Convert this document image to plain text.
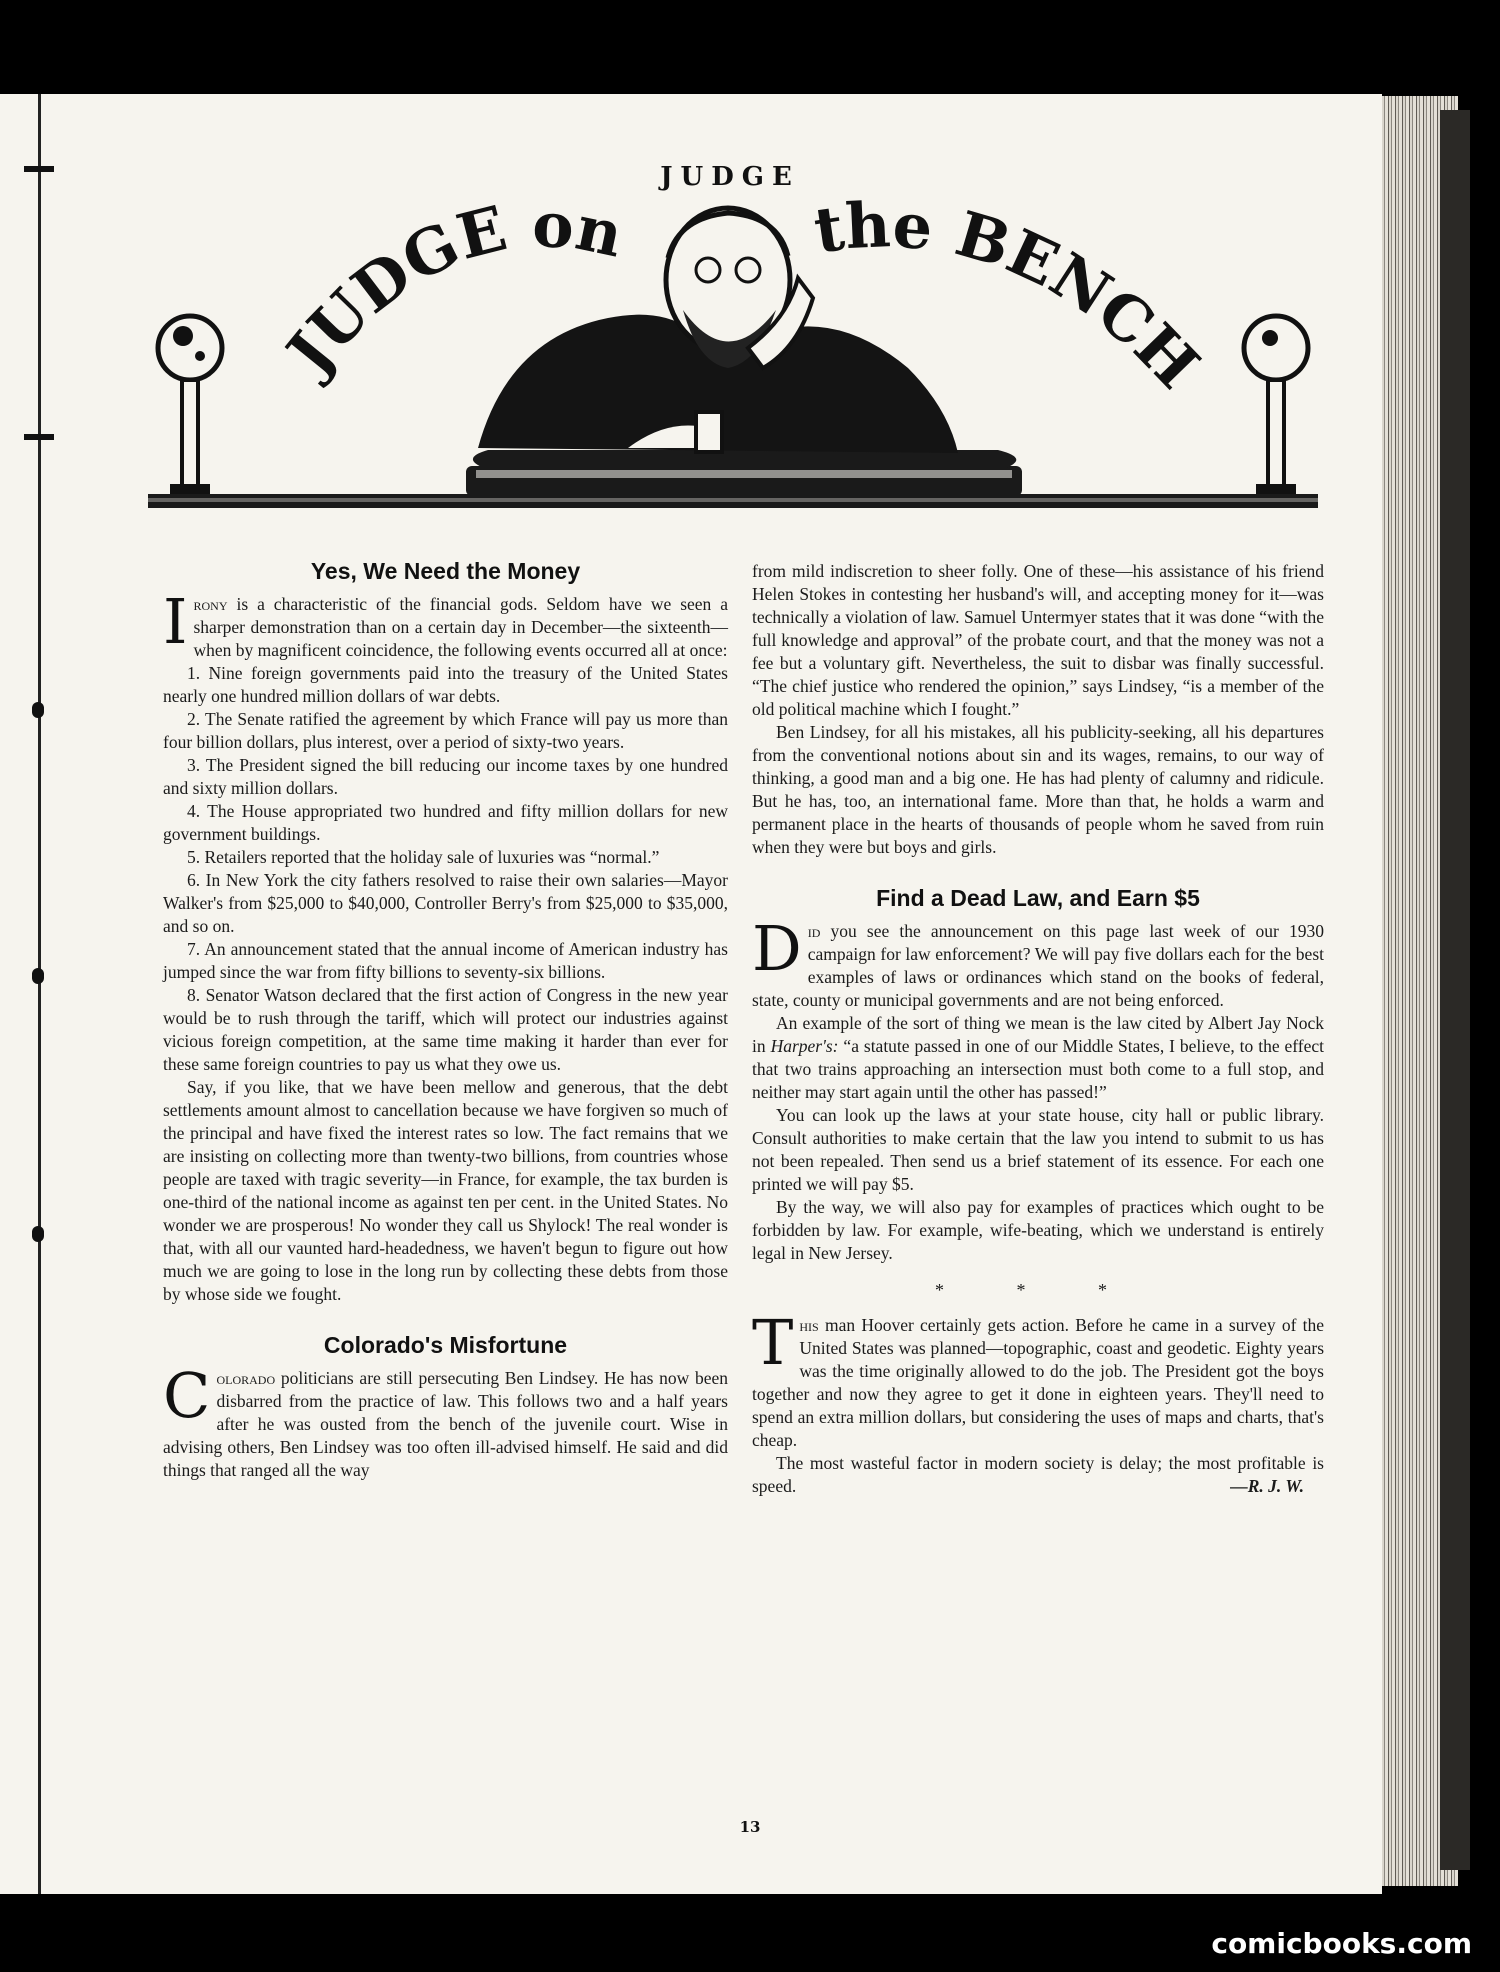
JUDGE
JUDGE on	the BENCH
Yes, We Need the Money

Irony is a characteristic of the financial gods. Seldom have we seen a sharper demonstration than on a certain day in December—the sixteenth—when by magnificent coincidence, the following events occurred all at once:

1. Nine foreign governments paid into the treasury of the United States nearly one hundred million dollars of war debts.

2. The Senate ratified the agreement by which France will pay us more than four billion dollars, plus interest, over a period of sixty-two years.

3. The President signed the bill reducing our income taxes by one hundred and sixty million dollars.

4. The House appropriated two hundred and fifty million dollars for new government buildings.

5. Retailers reported that the holiday sale of luxuries was “normal.”

6. In New York the city fathers resolved to raise their own salaries—Mayor Walker's from $25,000 to $40,000, Controller Berry's from $25,000 to $35,000, and so on.

7. An announcement stated that the annual income of American industry has jumped since the war from fifty billions to seventy-six billions.

8. Senator Watson declared that the first action of Congress in the new year would be to rush through the tariff, which will protect our industries against vicious foreign competition, at the same time making it harder than ever for these same foreign countries to pay us what they owe us.

Say, if you like, that we have been mellow and generous, that the debt settlements amount almost to cancellation because we have forgiven so much of the principal and have fixed the interest rates so low. The fact remains that we are insisting on collecting more than twenty-two billions, from countries whose people are taxed with tragic severity—in France, for example, the tax burden is one-third of the national income as against ten per cent. in the United States. No wonder we are prosperous! No wonder they call us Shylock! The real wonder is that, with all our vaunted hard-headedness, we haven't begun to figure out how much we are going to lose in the long run by collecting these debts from those by whose side we fought.

Colorado's Misfortune

Colorado politicians are still persecuting Ben Lindsey. He has now been disbarred from the practice of law. This follows two and a half years after he was ousted from the bench of the juvenile court. Wise in advising others, Ben Lindsey was too often ill-advised himself. He said and did things that ranged all the way

from mild indiscretion to sheer folly. One of these—his assistance of his friend Helen Stokes in contesting her husband's will, and accepting money for it—was technically a violation of law. Samuel Untermyer states that it was done “with the full knowledge and approval” of the probate court, and that the money was not a fee but a voluntary gift. Nevertheless, the suit to disbar was finally successful. “The chief justice who rendered the opinion,” says Lindsey, “is a member of the old political machine which I fought.”

Ben Lindsey, for all his mistakes, all his publicity-seeking, all his departures from the conventional notions about sin and its wages, remains, to our way of thinking, a good man and a big one. He has had plenty of calumny and ridicule. But he has, too, an international fame. More than that, he holds a warm and permanent place in the hearts of thousands of people whom he saved from ruin when they were but boys and girls.

Find a Dead Law, and Earn $5

Did you see the announcement on this page last week of our 1930 campaign for law enforcement? We will pay five dollars each for the best examples of laws or ordinances which stand on the books of federal, state, county or municipal governments and are not being enforced.

An example of the sort of thing we mean is the law cited by Albert Jay Nock in Harper's: “a statute passed in one of our Middle States, I believe, to the effect that two trains approaching an intersection must both come to a full stop, and neither may start again until the other has passed!”

You can look up the laws at your state house, city hall or public library. Consult authorities to make certain that the law you intend to submit to us has not been repealed. Then send us a brief statement of its essence. For each one printed we will pay $5.

By the way, we will also pay for examples of practices which ought to be forbidden by law. For example, wife-beating, which we understand is entirely legal in New Jersey.

* * *

This man Hoover certainly gets action. Before he came in a survey of the United States was planned—topographic, coast and geodetic. Eighty years was the time originally allowed to do the job. The President got the boys together and now they agree to get it done in eighteen years. They'll need to spend an extra million dollars, but considering the uses of maps and charts, that's cheap.

The most wasteful factor in modern society is delay; the most profitable is speed.	—R. J. W.

13
comicbooks.com
